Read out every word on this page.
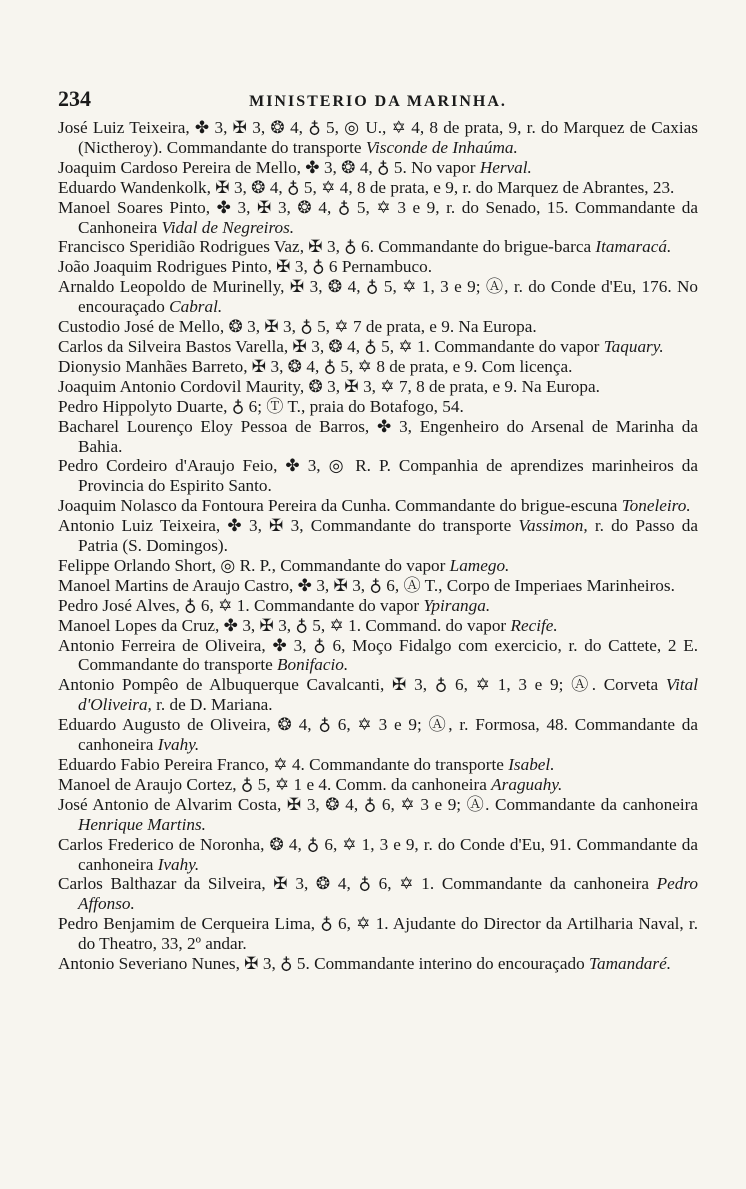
234	MINISTERIO DA MARINHA.

José Luiz Teixeira, ✤ 3, ✠ 3, ❂ 4, ♁ 5, ◎ U., ✡ 4, 8 de prata, 9, r. do Marquez de Caxias (Nictheroy). Commandante do transporte Visconde de Inhaúma.

Joaquim Cardoso Pereira de Mello, ✤ 3, ❂ 4, ♁ 5. No vapor Herval.

Eduardo Wandenkolk, ✠ 3, ❂ 4, ♁ 5, ✡ 4, 8 de prata, e 9, r. do Marquez de Abrantes, 23.

Manoel Soares Pinto, ✤ 3, ✠ 3, ❂ 4, ♁ 5, ✡ 3 e 9, r. do Senado, 15. Commandante da Canhoneira Vidal de Negreiros.

Francisco Speridião Rodrigues Vaz, ✠ 3, ♁ 6. Commandante do brigue-barca Itamaracá.

João Joaquim Rodrigues Pinto, ✠ 3, ♁ 6 Pernambuco.

Arnaldo Leopoldo de Murinelly, ✠ 3, ❂ 4, ♁ 5, ✡ 1, 3 e 9; Ⓐ, r. do Conde d'Eu, 176. No encouraçado Cabral.

Custodio José de Mello, ❂ 3, ✠ 3, ♁ 5, ✡ 7 de prata, e 9. Na Europa.

Carlos da Silveira Bastos Varella, ✠ 3, ❂ 4, ♁ 5, ✡ 1. Commandante do vapor Taquary.

Dionysio Manhães Barreto, ✠ 3, ❂ 4, ♁ 5, ✡ 8 de prata, e 9. Com licença.

Joaquim Antonio Cordovil Maurity, ❂ 3, ✠ 3, ✡ 7, 8 de prata, e 9. Na Europa.

Pedro Hippolyto Duarte, ♁ 6; Ⓣ T., praia do Botafogo, 54.

Bacharel Lourenço Eloy Pessoa de Barros, ✤ 3, Engenheiro do Arsenal de Marinha da Bahia.

Pedro Cordeiro d'Araujo Feio, ✤ 3, ◎ R. P. Companhia de aprendizes marinheiros da Provincia do Espirito Santo.

Joaquim Nolasco da Fontoura Pereira da Cunha. Commandante do brigue-escuna Toneleiro.

Antonio Luiz Teixeira, ✤ 3, ✠ 3, Commandante do transporte Vassimon, r. do Passo da Patria (S. Domingos).

Felippe Orlando Short, ◎ R. P., Commandante do vapor Lamego.

Manoel Martins de Araujo Castro, ✤ 3, ✠ 3, ♁ 6, Ⓐ T., Corpo de Imperiaes Marinheiros.

Pedro José Alves, ♁ 6, ✡ 1. Commandante do vapor Ypiranga.

Manoel Lopes da Cruz, ✤ 3, ✠ 3, ♁ 5, ✡ 1. Command. do vapor Recife.

Antonio Ferreira de Oliveira, ✤ 3, ♁ 6, Moço Fidalgo com exercicio, r. do Cattete, 2 E. Commandante do transporte Bonifacio.

Antonio Pompêo de Albuquerque Cavalcanti, ✠ 3, ♁ 6, ✡ 1, 3 e 9; Ⓐ. Corveta Vital d'Oliveira, r. de D. Mariana.

Eduardo Augusto de Oliveira, ❂ 4, ♁ 6, ✡ 3 e 9; Ⓐ, r. Formosa, 48. Commandante da canhoneira Ivahy.

Eduardo Fabio Pereira Franco, ✡ 4. Commandante do transporte Isabel.

Manoel de Araujo Cortez, ♁ 5, ✡ 1 e 4. Comm. da canhoneira Araguahy.

José Antonio de Alvarim Costa, ✠ 3, ❂ 4, ♁ 6, ✡ 3 e 9; Ⓐ. Commandante da canhoneira Henrique Martins.

Carlos Frederico de Noronha, ❂ 4, ♁ 6, ✡ 1, 3 e 9, r. do Conde d'Eu, 91. Commandante da canhoneira Ivahy.

Carlos Balthazar da Silveira, ✠ 3, ❂ 4, ♁ 6, ✡ 1. Commandante da canhoneira Pedro Affonso.

Pedro Benjamim de Cerqueira Lima, ♁ 6, ✡ 1. Ajudante do Director da Artilharia Naval, r. do Theatro, 33, 2º andar.

Antonio Severiano Nunes, ✠ 3, ♁ 5. Commandante interino do encouraçado Tamandaré.
